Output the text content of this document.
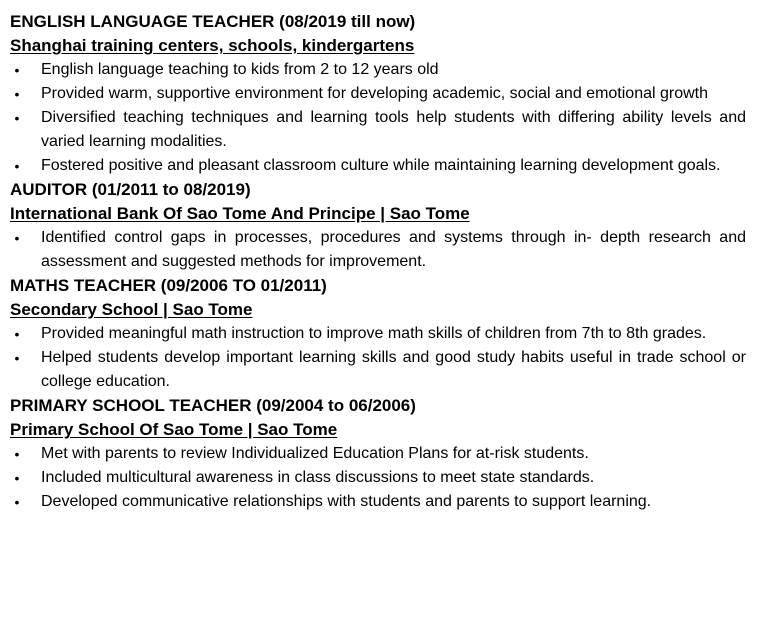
ENGLISH LANGUAGE TEACHER (08/2019 till now)

Shanghai training centers, schools, kindergartens

• English language teaching to kids from 2 to 12 years old
• Provided warm, supportive environment for developing academic, social and emotional growth
• Diversified teaching techniques and learning tools help students with differing ability levels and varied learning modalities.
• Fostered positive and pleasant classroom culture while maintaining learning development goals.

AUDITOR (01/2011 to 08/2019)

International Bank Of Sao Tome And Principe | Sao Tome

• Identified control gaps in processes, procedures and systems through in- depth research and assessment and suggested methods for improvement.

MATHS TEACHER (09/2006 TO 01/2011)

Secondary School | Sao Tome

• Provided meaningful math instruction to improve math skills of children from 7th to 8th grades.
• Helped students develop important learning skills and good study habits useful in trade school or college education.

PRIMARY SCHOOL TEACHER (09/2004 to 06/2006)

Primary School Of Sao Tome | Sao Tome

• Met with parents to review Individualized Education Plans for at-risk students.
• Included multicultural awareness in class discussions to meet state standards.
• Developed communicative relationships with students and parents to support learning.
